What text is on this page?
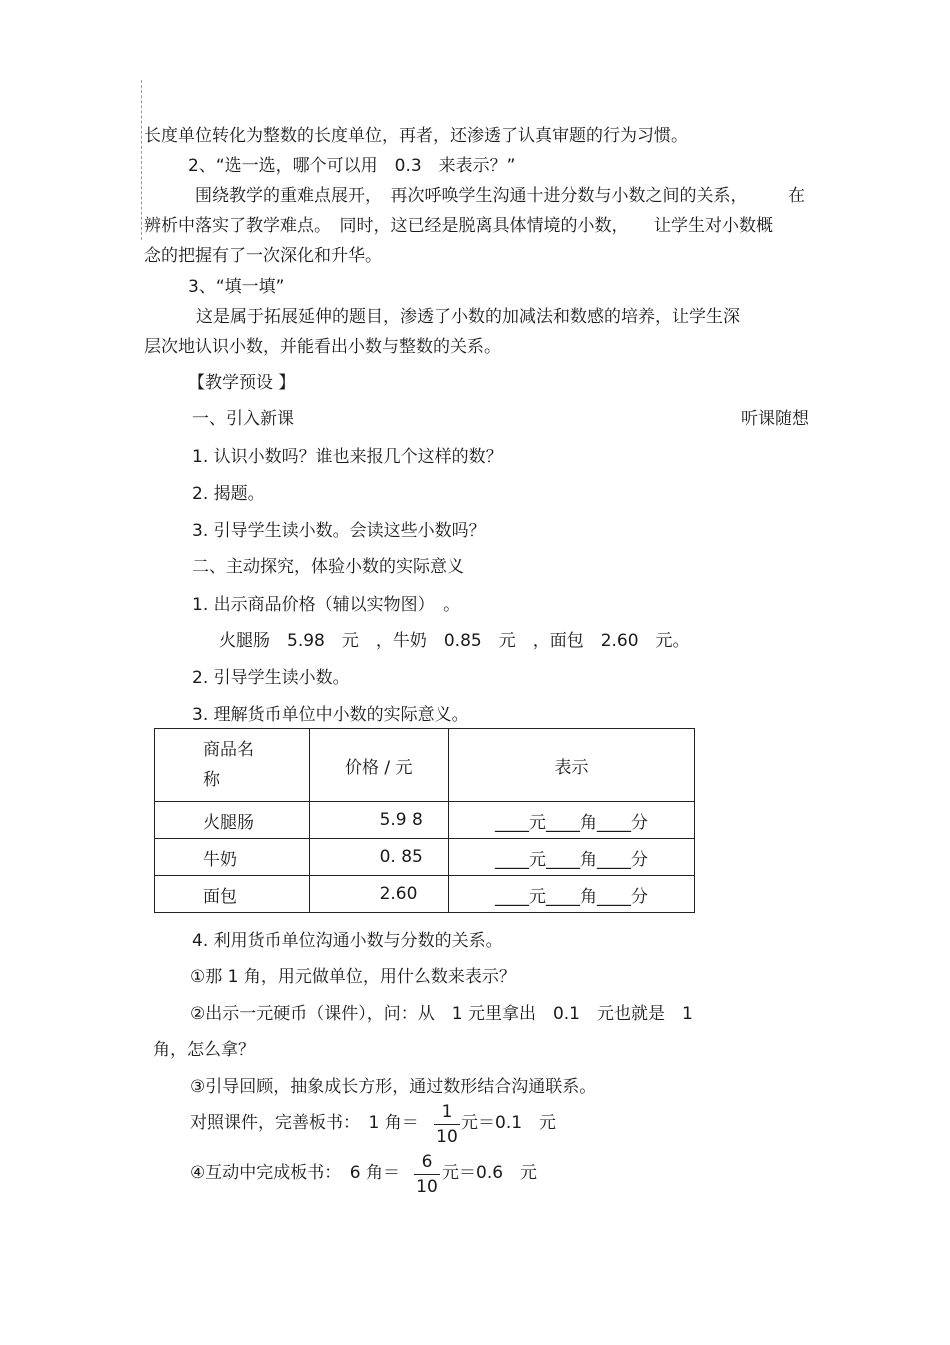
长度单位转化为整数的长度单位，再者，还渗透了认真审题的行为习惯。
2、“选一选，哪个可以用　0.3　来表示？”
围绕教学的重难点展开，　再次呼唤学生沟通十进分数与小数之间的关系， 在
辨析中落实了教学难点。　同时，这已经是脱离具体情境的小数，　　让学生对小数概
念的把握有了一次深化和升华。
3、“填一填”
这是属于拓展延伸的题目，渗透了小数的加减法和数感的培养，让学生深
层次地认识小数，并能看出小数与整数的关系。
【教学预设 】
一、引入新课	听课随想
1. 认识小数吗？谁也来报几个这样的数？
2. 揭题。
3. 引导学生读小数。会读这些小数吗？
二、主动探究，体验小数的实际意义
1. 出示商品价格（辅以实物图）　。
火腿肠　5.98　元　，牛奶　0.85　元　，面包　2.60　元。
2. 引导学生读小数。
3. 理解货币单位中小数的实际意义。
商品名
称	价格 / 元	表示
火腿肠	5.9 8	____元____角____分
牛奶	0. 85	____元____角____分
面包	2.60	____元____角____分
4. 利用货币单位沟通小数与分数的关系。
①那 1 角，用元做单位，用什么数来表示？
②出示一元硬币（课件），问：从　1 元里拿出　0.1　元也就是　1
角，怎么拿？
③引导回顾，抽象成长方形，通过数形结合沟通联系。
对照课件，完善板书：　1 角＝
1
10
元＝0.1　元
④互动中完成板书：　6 角＝
6
10
元＝0.6　元
